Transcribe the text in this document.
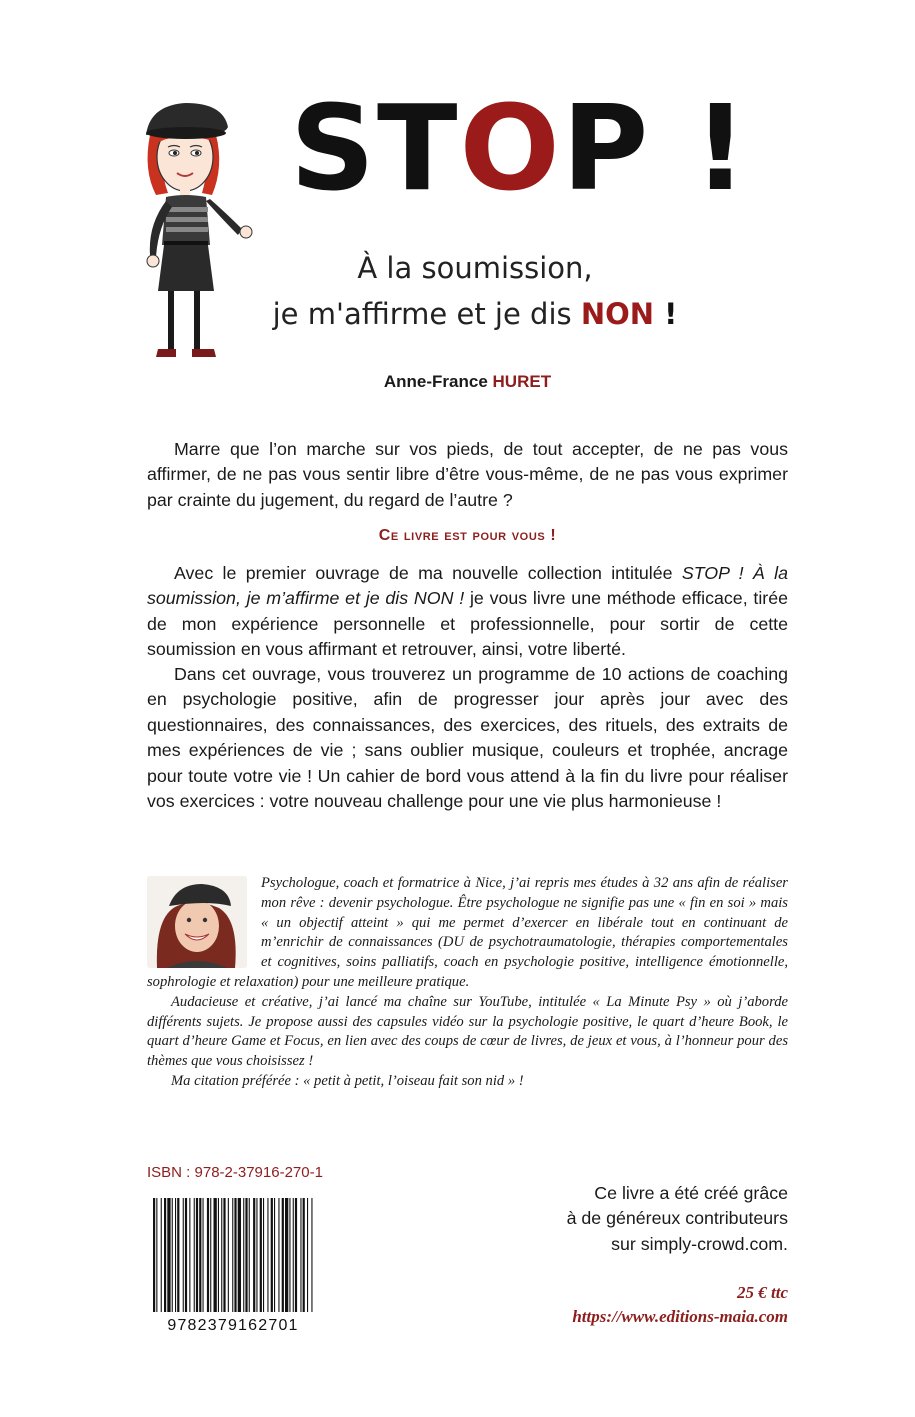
STOP !
À la soumission,
je m'affirme et je dis NON !
Anne-France HURET
Marre que l’on marche sur vos pieds, de tout accepter, de ne pas vous affirmer, de ne pas vous sentir libre d’être vous-même, de ne pas vous exprimer par crainte du jugement, du regard de l’autre ?
Ce livre est pour vous !
Avec le premier ouvrage de ma nouvelle collection intitulée STOP ! À la soumission, je m’affirme et je dis NON ! je vous livre une méthode efficace, tirée de mon expérience personnelle et professionnelle, pour sortir de cette soumission en vous affirmant et retrouver, ainsi, votre liberté.
Dans cet ouvrage, vous trouverez un programme de 10 actions de coaching en psychologie positive, afin de progresser jour après jour avec des questionnaires, des connaissances, des exercices, des rituels, des extraits de mes expériences de vie ; sans oublier musique, couleurs et trophée, ancrage pour toute votre vie ! Un cahier de bord vous attend à la fin du livre pour réaliser vos exercices : votre nouveau challenge pour une vie plus harmonieuse !

Psychologue, coach et formatrice à Nice, j’ai repris mes études à 32 ans afin de réaliser mon rêve : devenir psychologue. Être psychologue ne signifie pas une « fin en soi » mais « un objectif atteint » qui me permet d’exercer en libérale tout en continuant de m’enrichir de connaissances (DU de psychotraumatologie, thérapies comportementales et cognitives, soins palliatifs, coach en psychologie positive, intelligence émotionnelle, sophrologie et relaxation) pour une meilleure pratique.

Audacieuse et créative, j’ai lancé ma chaîne sur YouTube, intitulée « La Minute Psy » où j’aborde différents sujets. Je propose aussi des capsules vidéo sur la psychologie positive, le quart d’heure Book, le quart d’heure Game et Focus, en lien avec des coups de cœur de livres, de jeux et vous, à l’honneur pour des thèmes que vous choisissez !

Ma citation préférée : « petit à petit, l’oiseau fait son nid » !

ISBN : 978-2-37916-270-1
9782379162701
Ce livre a été créé grâce
à de généreux contributeurs
sur simply-crowd.com.
25 € ttc
https://www.editions-maia.com
